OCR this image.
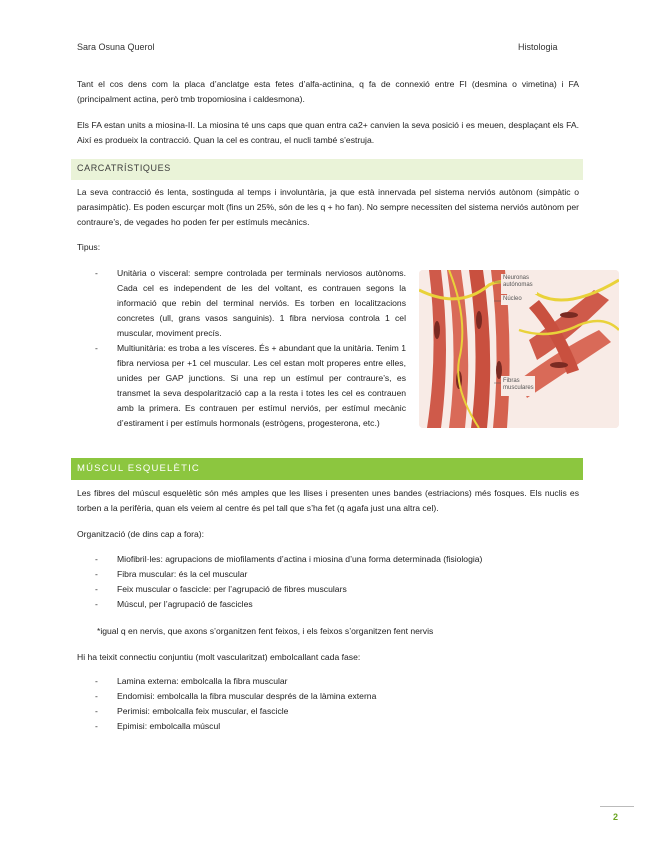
Sara Osuna Querol	Histologia
Tant el cos dens com la placa d’anclatge esta fetes d’alfa-actinina, q fa de connexió entre FI (desmina o vimetina) i FA (principalment actina, però tmb tropomiosina i caldesmona).
Els FA estan units a miosina-II. La miosina té uns caps que quan entra ca2+ canvien la seva posició i es meuen, desplaçant els FA. Així es produeix la contracció. Quan la cel es contrau, el nucli també s’estruja.
CARCATRÍSTIQUES
La seva contracció és lenta, sostinguda al temps i involuntària, ja que està innervada pel sistema nerviós autònom (simpàtic o parasimpàtic). Es poden escurçar molt (fins un 25%, són de les q + ho fan). No sempre necessiten del sistema nerviós autònom per contraure’s, de vegades ho poden fer per estímuls mecànics.
Tipus:
- Unitària o visceral: sempre controlada per terminals nerviosos autònoms. Cada cel es independent de les del voltant, es contrauen segons la informació que rebin del terminal nerviós. Es torben en localitzacions concretes (ull, grans vasos sanguinis). 1 fibra nerviosa controla 1 cel muscular, moviment precís.
- Multiunitària: es troba a les vísceres. És + abundant que la unitària. Tenim 1 fibra nerviosa per +1 cel muscular. Les cel estan molt properes entre elles, unides per GAP junctions. Si una rep un estímul per contraure’s, es transmet la seva despolarització cap a la resta i totes les cel es contrauen amb la primera. Es contrauen per estímul nerviós, per estímul mecànic d’estirament i per estímuls hormonals (estrògens, progesterona, etc.)
Neuronas autónomas
Núcleo
Fibras musculares
MÚSCUL ESQUELÈTIC
Les fibres del múscul esquelètic són més amples que les llises i presenten unes bandes (estriacions) més fosques. Els nuclis es torben a la perifèria, quan els veiem al centre és pel tall que s’ha fet (q agafa just una altra cel).
Organització (de dins cap a fora):
- Miofibril·les: agrupacions de miofilaments d’actina i miosina d’una forma determinada (fisiologia)
- Fibra muscular: és la cel muscular
- Feix muscular o fascicle: per l’agrupació de fibres musculars
- Múscul, per l’agrupació de fascicles
*igual q en nervis, que axons s’organitzen fent feixos, i els feixos s’organitzen fent nervis
Hi ha teixit connectiu conjuntiu (molt vascularitzat) embolcallant cada fase:
- Lamina externa: embolcalla la fibra muscular
- Endomisi: embolcalla la fibra muscular després de la làmina externa
- Perimisi: embolcalla feix muscular, el fascicle
- Epimisi: embolcalla múscul
2
